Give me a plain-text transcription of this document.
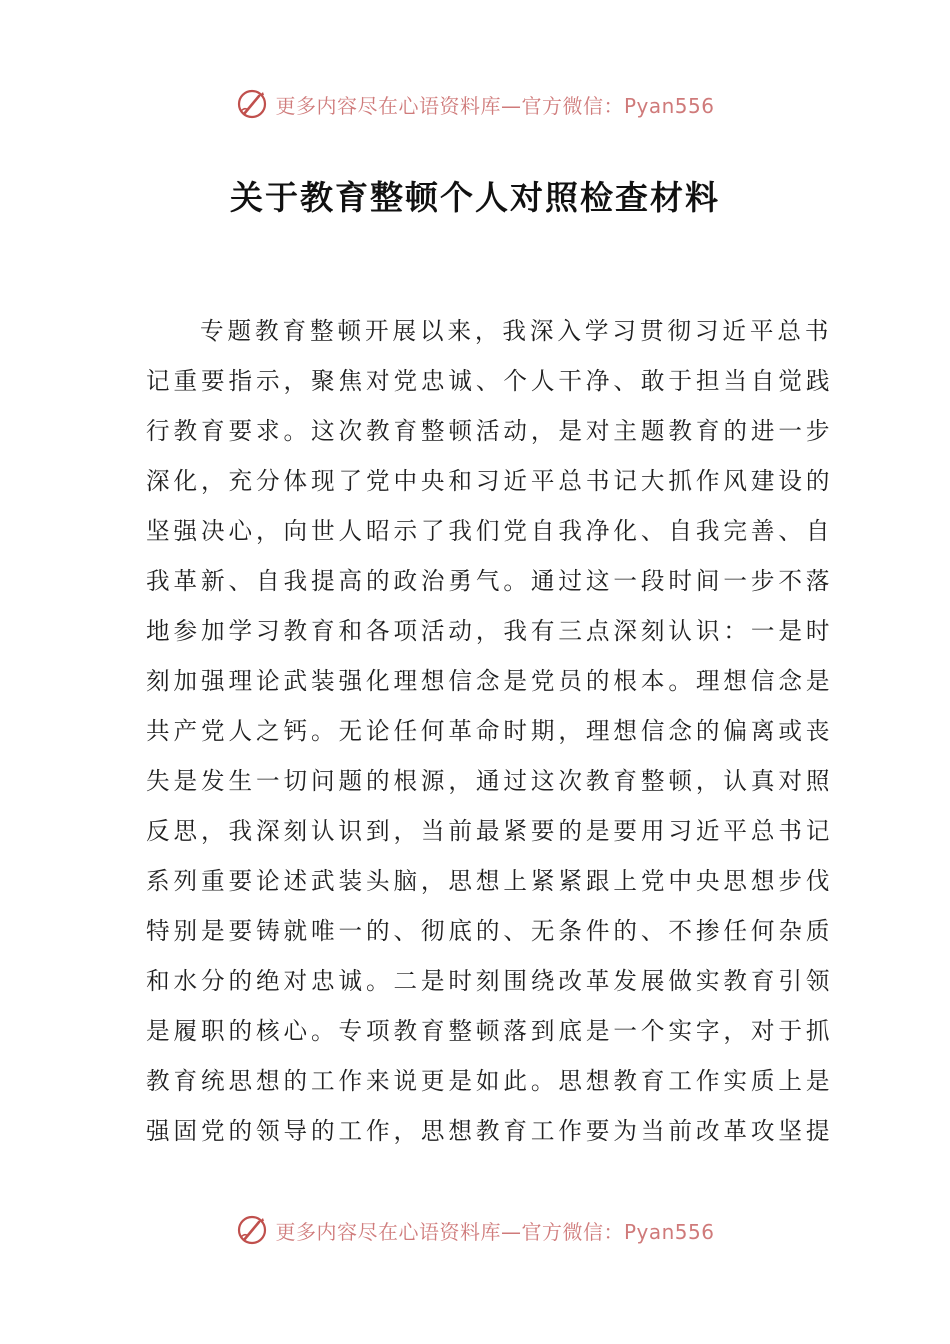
更多内容尽在心语资料库—官方微信：Pyan556
关于教育整顿个人对照检查材料
专题教育整顿开展以来，我深入学习贯彻习近平总书
记重要指示，聚焦对党忠诚、个人干净、敢于担当自觉践
行教育要求。这次教育整顿活动，是对主题教育的进一步
深化，充分体现了党中央和习近平总书记大抓作风建设的
坚强决心，向世人昭示了我们党自我净化、自我完善、自
我革新、自我提高的政治勇气。通过这一段时间一步不落
地参加学习教育和各项活动，我有三点深刻认识：一是时
刻加强理论武装强化理想信念是党员的根本。理想信念是
共产党人之钙。无论任何革命时期，理想信念的偏离或丧
失是发生一切问题的根源，通过这次教育整顿，认真对照
反思，我深刻认识到，当前最紧要的是要用习近平总书记
系列重要论述武装头脑，思想上紧紧跟上党中央思想步伐
特别是要铸就唯一的、彻底的、无条件的、不掺任何杂质
和水分的绝对忠诚。二是时刻围绕改革发展做实教育引领
是履职的核心。专项教育整顿落到底是一个实字，对于抓
教育统思想的工作来说更是如此。思想教育工作实质上是
强固党的领导的工作，思想教育工作要为当前改革攻坚提
更多内容尽在心语资料库—官方微信：Pyan556
